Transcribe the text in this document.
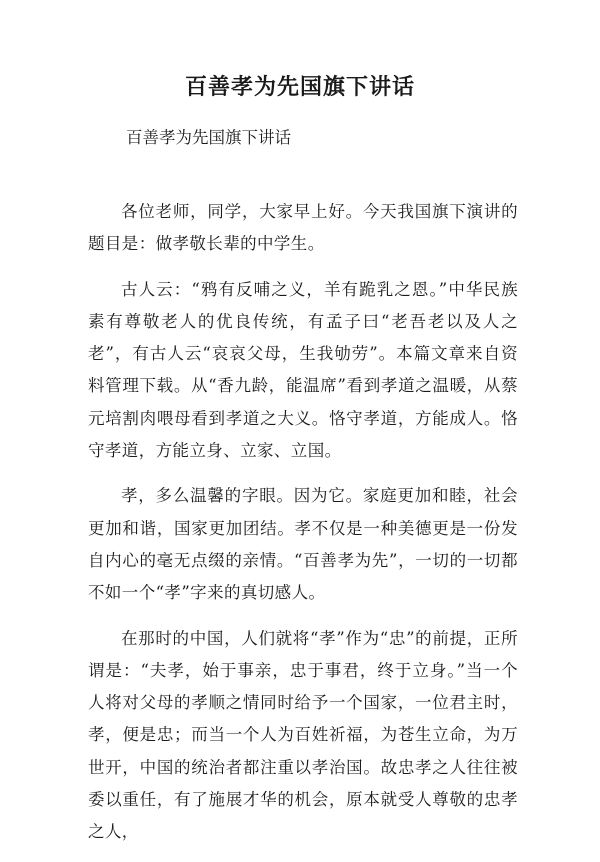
百善孝为先国旗下讲话

百善孝为先国旗下讲话

各位老师，同学，大家早上好。今天我国旗下演讲的题目是：做孝敬长辈的中学生。

古人云：“鸦有反哺之义，羊有跪乳之恩。”中华民族素有尊敬老人的优良传统，有孟子曰“老吾老以及人之老”，有古人云“哀哀父母，生我劬劳”。本篇文章来自资料管理下载。从“香九龄，能温席”看到孝道之温暖，从蔡元培割肉喂母看到孝道之大义。恪守孝道，方能成人。恪守孝道，方能立身、立家、立国。

孝，多么温馨的字眼。因为它。家庭更加和睦，社会更加和谐，国家更加团结。孝不仅是一种美德更是一份发自内心的毫无点缀的亲情。“百善孝为先”，一切的一切都不如一个“孝”字来的真切感人。

在那时的中国，人们就将“孝”作为“忠”的前提，正所谓是：“夫孝，始于事亲，忠于事君，终于立身。”当一个人将对父母的孝顺之情同时给予一个国家，一位君主时，孝，便是忠；而当一个人为百姓祈福，为苍生立命，为万世开，中国的统治者都注重以孝治国。故忠孝之人往往被委以重任，有了施展才华的机会，原本就受人尊敬的忠孝之人，
